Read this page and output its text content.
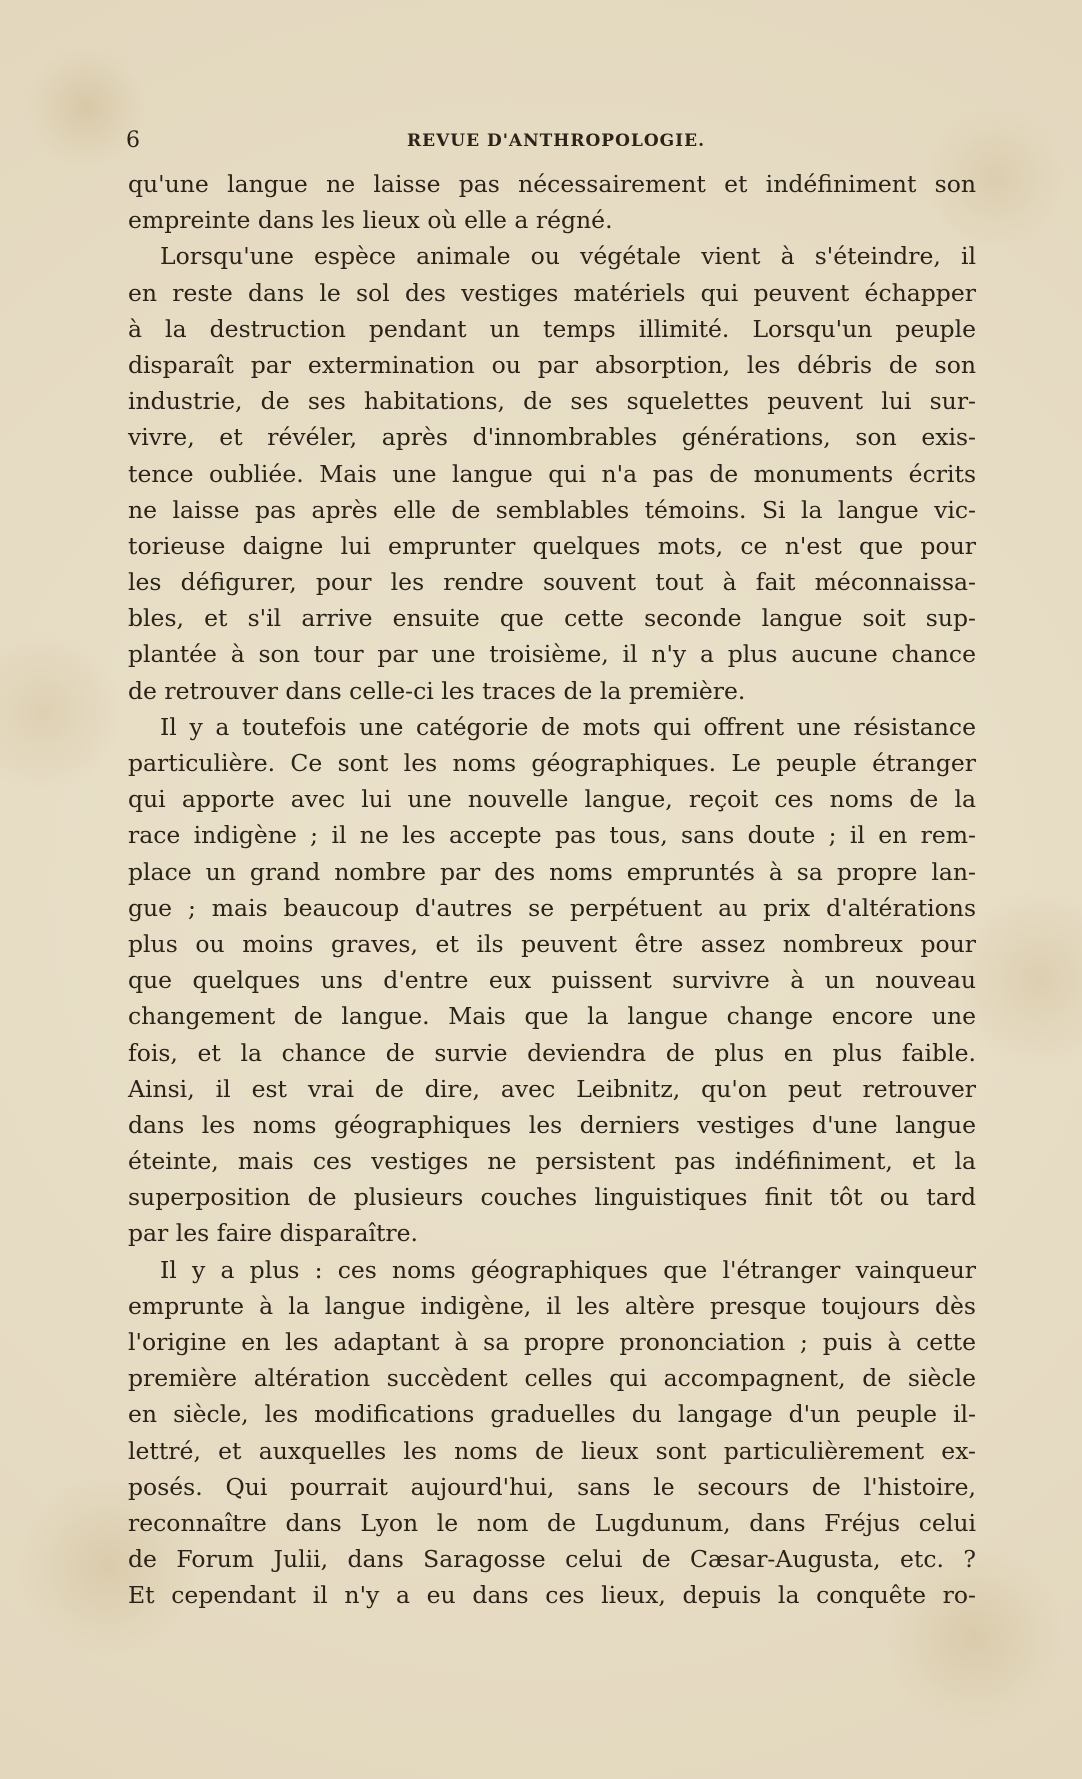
6	REVUE D'ANTHROPOLOGIE.
qu'une langue ne laisse pas nécessairement et indéfiniment son
empreinte dans les lieux où elle a régné.
Lorsqu'une espèce animale ou végétale vient à s'éteindre, il
en reste dans le sol des vestiges matériels qui peuvent échapper
à la destruction pendant un temps illimité. Lorsqu'un peuple
disparaît par extermination ou par absorption, les débris de son
industrie, de ses habitations, de ses squelettes peuvent lui sur-
vivre, et révéler, après d'innombrables générations, son exis-
tence oubliée. Mais une langue qui n'a pas de monuments écrits
ne laisse pas après elle de semblables témoins. Si la langue vic-
torieuse daigne lui emprunter quelques mots, ce n'est que pour
les défigurer, pour les rendre souvent tout à fait méconnaissa-
bles, et s'il arrive ensuite que cette seconde langue soit sup-
plantée à son tour par une troisième, il n'y a plus aucune chance
de retrouver dans celle-ci les traces de la première.
Il y a toutefois une catégorie de mots qui offrent une résistance
particulière. Ce sont les noms géographiques. Le peuple étranger
qui apporte avec lui une nouvelle langue, reçoit ces noms de la
race indigène ; il ne les accepte pas tous, sans doute ; il en rem-
place un grand nombre par des noms empruntés à sa propre lan-
gue ; mais beaucoup d'autres se perpétuent au prix d'altérations
plus ou moins graves, et ils peuvent être assez nombreux pour
que quelques uns d'entre eux puissent survivre à un nouveau
changement de langue. Mais que la langue change encore une
fois, et la chance de survie deviendra de plus en plus faible.
Ainsi, il est vrai de dire, avec Leibnitz, qu'on peut retrouver
dans les noms géographiques les derniers vestiges d'une langue
éteinte, mais ces vestiges ne persistent pas indéfiniment, et la
superposition de plusieurs couches linguistiques finit tôt ou tard
par les faire disparaître.
Il y a plus : ces noms géographiques que l'étranger vainqueur
emprunte à la langue indigène, il les altère presque toujours dès
l'origine en les adaptant à sa propre prononciation ; puis à cette
première altération succèdent celles qui accompagnent, de siècle
en siècle, les modifications graduelles du langage d'un peuple il-
lettré, et auxquelles les noms de lieux sont particulièrement ex-
posés. Qui pourrait aujourd'hui, sans le secours de l'histoire,
reconnaître dans Lyon le nom de Lugdunum, dans Fréjus celui
de Forum Julii, dans Saragosse celui de Cæsar-Augusta, etc. ?
Et cependant il n'y a eu dans ces lieux, depuis la conquête ro-
